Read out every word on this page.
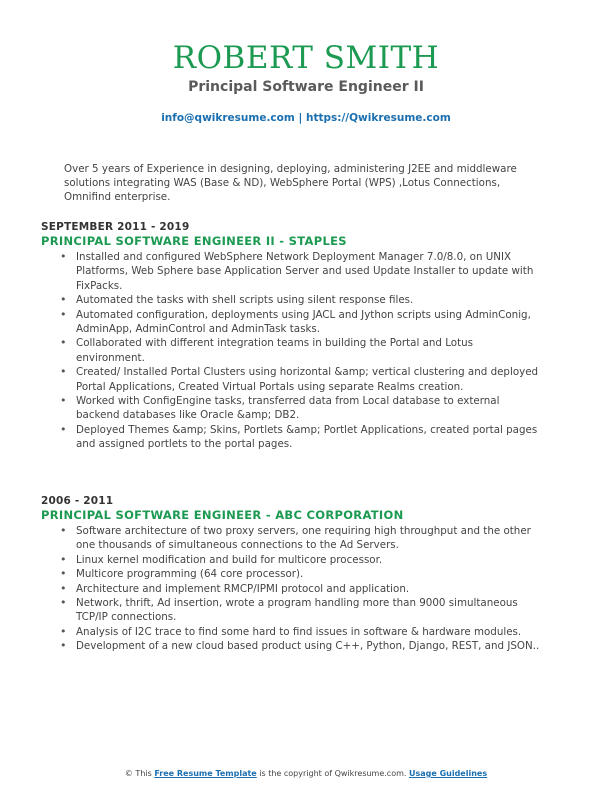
ROBERT SMITH
Principal Software Engineer II
info@qwikresume.com | https://Qwikresume.com
Over 5 years of Experience in designing, deploying, administering J2EE and middleware solutions integrating WAS (Base & ND), WebSphere Portal (WPS) ,Lotus Connections, Omnifind enterprise.
SEPTEMBER 2011 - 2019
PRINCIPAL SOFTWARE ENGINEER II - STAPLES
• Installed and configured WebSphere Network Deployment Manager 7.0/8.0, on UNIX Platforms, Web Sphere base Application Server and used Update Installer to update with FixPacks.
• Automated the tasks with shell scripts using silent response files.
• Automated configuration, deployments using JACL and Jython scripts using AdminConig, AdminApp, AdminControl and AdminTask tasks.
• Collaborated with different integration teams in building the Portal and Lotus environment.
• Created/ Installed Portal Clusters using horizontal &amp; vertical clustering and deployed Portal Applications, Created Virtual Portals using separate Realms creation.
• Worked with ConfigEngine tasks, transferred data from Local database to external backend databases like Oracle &amp; DB2.
• Deployed Themes &amp; Skins, Portlets &amp; Portlet Applications, created portal pages and assigned portlets to the portal pages.
2006 - 2011
PRINCIPAL SOFTWARE ENGINEER - ABC CORPORATION
• Software architecture of two proxy servers, one requiring high throughput and the other one thousands of simultaneous connections to the Ad Servers.
• Linux kernel modification and build for multicore processor.
• Multicore programming (64 core processor).
• Architecture and implement RMCP/IPMI protocol and application.
• Network, thrift, Ad insertion, wrote a program handling more than 9000 simultaneous TCP/IP connections.
• Analysis of I2C trace to find some hard to find issues in software & hardware modules.
• Development of a new cloud based product using C++, Python, Django, REST, and JSON..
© This Free Resume Template is the copyright of Qwikresume.com. Usage Guidelines
